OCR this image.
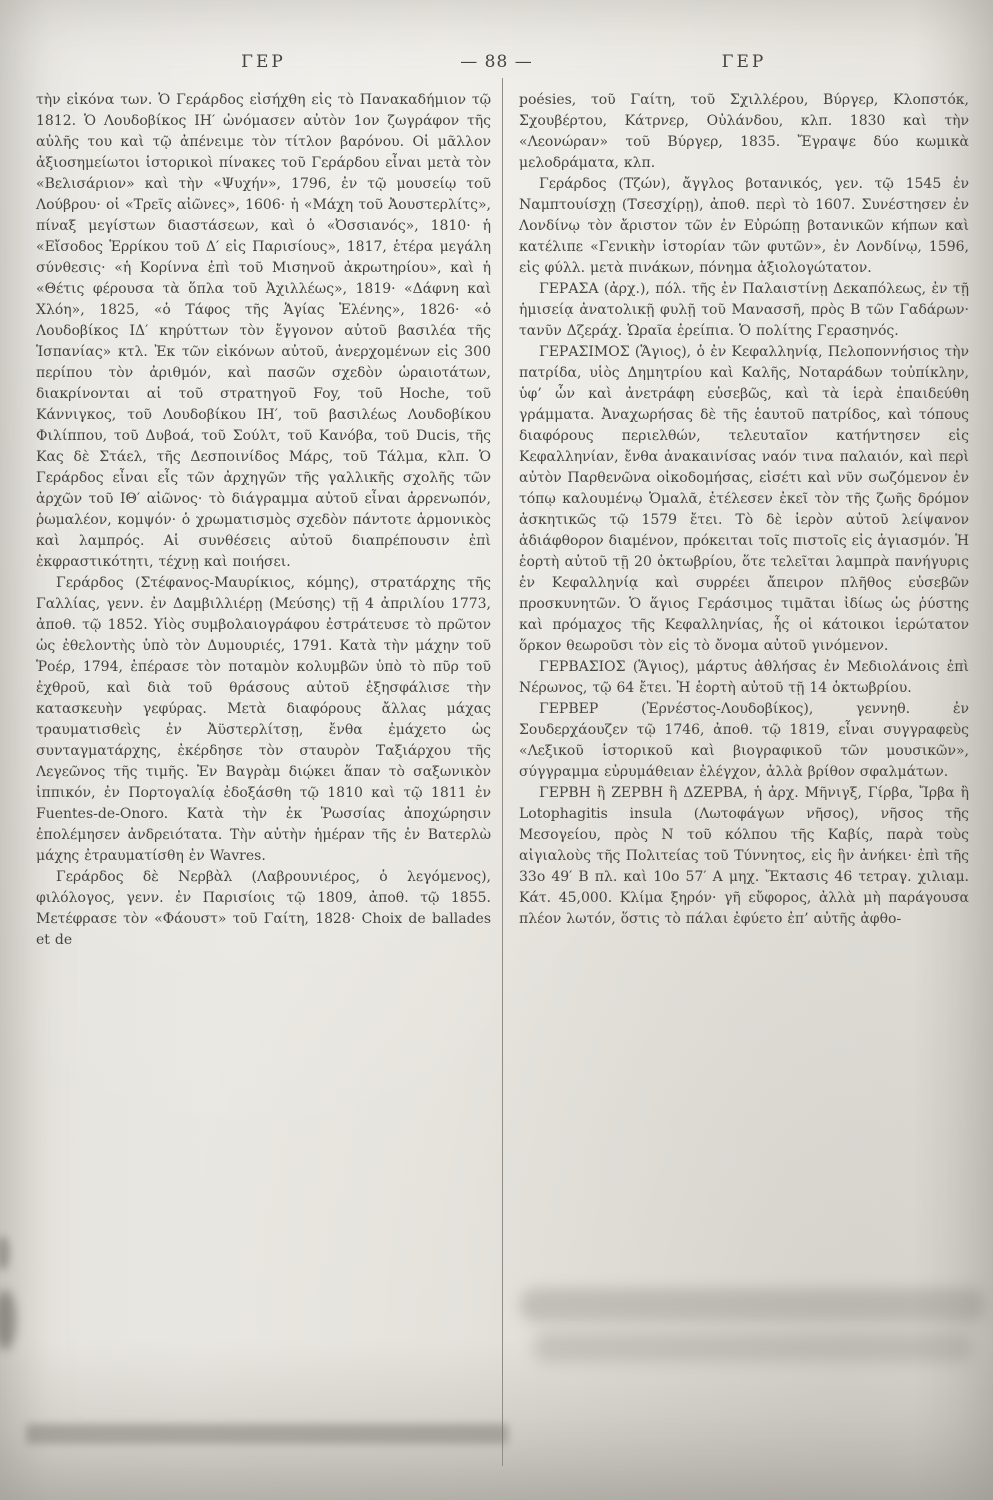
ΓΕΡ	— 88 —	ΓΕΡ

τὴν εἰκόνα των. Ὁ Γεράρδος εἰσήχθη εἰς τὸ Πανακαδήμιον τῷ 1812. Ὁ Λουδοβίκος ΙΗ′ ὠνόμασεν αὐτὸν 1ον ζωγράφον τῆς αὐλῆς του καὶ τῷ ἀπένειμε τὸν τίτλον βαρόνου. Οἱ μᾶλλον ἀξιοσημείωτοι ἱστορικοὶ πίνακες τοῦ Γεράρδου εἶναι μετὰ τὸν «Βελισάριον» καὶ τὴν «Ψυχήν», 1796, ἐν τῷ μουσείῳ τοῦ Λούβρου· οἱ «Τρεῖς αἰῶνες», 1606· ἡ «Μάχη τοῦ Ἀουστερλίτς», πίναξ μεγίστων διαστάσεων, καὶ ὁ «Ὀσσιανός», 1810· ἡ «Εἴσοδος Ἑρρίκου τοῦ Δ′ εἰς Παρισίους», 1817, ἑτέρα μεγάλη σύνθεσις· «ἡ Κορίννα ἐπὶ τοῦ Μισηνοῦ ἀκρωτηρίου», καὶ ἡ «Θέτις φέρουσα τὰ ὅπλα τοῦ Ἀχιλλέως», 1819· «Δάφνη καὶ Χλόη», 1825, «ὁ Τάφος τῆς Ἁγίας Ἑλένης», 1826· «ὁ Λουδοβίκος ΙΔ′ κηρύττων τὸν ἔγγονον αὐτοῦ βασιλέα τῆς Ἱσπανίας» κτλ. Ἐκ τῶν εἰκόνων αὐτοῦ, ἀνερχομένων εἰς 300 περίπου τὸν ἀριθμόν, καὶ πασῶν σχεδὸν ὡραιοτάτων, διακρίνονται αἱ τοῦ στρατηγοῦ Foy, τοῦ Hoche, τοῦ Κάννιγκος, τοῦ Λουδοβίκου ΙΗ′, τοῦ βασιλέως Λουδοβίκου Φιλίππου, τοῦ Δυβοά, τοῦ Σούλτ, τοῦ Κανόβα, τοῦ Ducis, τῆς Κας δὲ Στάελ, τῆς Δεσποινίδος Μάρς, τοῦ Τάλμα, κλπ. Ὁ Γεράρδος εἶναι εἷς τῶν ἀρχηγῶν τῆς γαλλικῆς σχολῆς τῶν ἀρχῶν τοῦ ΙΘ′ αἰῶνος· τὸ διάγραμμα αὐτοῦ εἶναι ἀρρενωπόν, ῥωμαλέον, κομψόν· ὁ χρωματισμὸς σχεδὸν πάντοτε ἁρμονικὸς καὶ λαμπρός. Αἱ συνθέσεις αὐτοῦ διαπρέπουσιν ἐπὶ ἐκφραστικότητι, τέχνῃ καὶ ποιήσει.

Γεράρδος (Στέφανος-Μαυρίκιος, κόμης), στρατάρχης τῆς Γαλλίας, γενν. ἐν Δαμβιλλιέρῃ (Μεύσης) τῇ 4 ἀπριλίου 1773, ἀποθ. τῷ 1852. Υἱὸς συμβολαιογράφου ἐστράτευσε τὸ πρῶτον ὡς ἐθελοντὴς ὑπὸ τὸν Δυμουριές, 1791. Κατὰ τὴν μάχην τοῦ Ῥοέρ, 1794, ἐπέρασε τὸν ποταμὸν κολυμβῶν ὑπὸ τὸ πῦρ τοῦ ἐχθροῦ, καὶ διὰ τοῦ θράσους αὐτοῦ ἐξησφάλισε τὴν κατασκευὴν γεφύρας. Μετὰ διαφόρους ἄλλας μάχας τραυματισθεὶς ἐν Ἀϋστερλίτσῃ, ἔνθα ἐμάχετο ὡς συνταγματάρχης, ἐκέρδησε τὸν σταυρὸν Ταξιάρχου τῆς Λεγεῶνος τῆς τιμῆς. Ἐν Βαγρὰμ διῴκει ἅπαν τὸ σαξωνικὸν ἱππικόν, ἐν Πορτογαλίᾳ ἐδοξάσθη τῷ 1810 καὶ τῷ 1811 ἐν Fuentes-de-Onoro. Κατὰ τὴν ἐκ Ῥωσσίας ἀποχώρησιν ἐπολέμησεν ἀνδρειότατα. Τὴν αὐτὴν ἡμέραν τῆς ἐν Βατερλὼ μάχης ἐτραυματίσθη ἐν Wavres.

Γεράρδος δὲ Νερβὰλ (Λαβρουνιέρος, ὁ λεγόμενος), φιλόλογος, γενν. ἐν Παρισίοις τῷ 1809, ἀποθ. τῷ 1855. Μετέφρασε τὸν «Φάουστ» τοῦ Γαίτη, 1828· Choix de ballades et de

poésies, τοῦ Γαίτη, τοῦ Σχιλλέρου, Βύργερ, Κλοπστόκ, Σχουβέρτου, Κάτρνερ, Οὐλάνδου, κλπ. 1830 καὶ τὴν «Λεονώραν» τοῦ Βύργερ, 1835. Ἔγραψε δύο κωμικὰ μελοδράματα, κλπ.

Γεράρδος (Τζών), ἄγγλος βοτανικός, γεν. τῷ 1545 ἐν Ναμπτουίσχῃ (Τσεσχίρῃ), ἀποθ. περὶ τὸ 1607. Συνέστησεν ἐν Λονδίνῳ τὸν ἄριστον τῶν ἐν Εὐρώπῃ βοτανικῶν κήπων καὶ κατέλιπε «Γενικὴν ἱστορίαν τῶν φυτῶν», ἐν Λονδίνῳ, 1596, εἰς φύλλ. μετὰ πινάκων, πόνημα ἀξιολογώτατον.

ΓΕΡΑΣΑ (ἀρχ.), πόλ. τῆς ἐν Παλαιστίνῃ Δεκαπόλεως, ἐν τῇ ἡμισείᾳ ἀνατολικῇ φυλῇ τοῦ Μανασσῆ, πρὸς Β τῶν Γαδάρων· τανῦν Δζεράχ. Ὡραῖα ἐρείπια. Ὁ πολίτης Γερασηνός.

ΓΕΡΑΣΙΜΟΣ (Ἅγιος), ὁ ἐν Κεφαλληνίᾳ, Πελοποννήσιος τὴν πατρίδα, υἱὸς Δημητρίου καὶ Καλῆς, Νοταράδων τοὐπίκλην, ὑφ’ ὧν καὶ ἀνετράφη εὐσεβῶς, καὶ τὰ ἱερὰ ἐπαιδεύθη γράμματα. Ἀναχωρήσας δὲ τῆς ἑαυτοῦ πατρίδος, καὶ τόπους διαφόρους περιελθών, τελευταῖον κατήντησεν εἰς Κεφαλληνίαν, ἔνθα ἀνακαινίσας ναόν τινα παλαιόν, καὶ περὶ αὐτὸν Παρθενῶνα οἰκοδομήσας, εἰσέτι καὶ νῦν σωζόμενον ἐν τόπῳ καλουμένῳ Ὁμαλᾶ, ἐτέλεσεν ἐκεῖ τὸν τῆς ζωῆς δρόμον ἀσκητικῶς τῷ 1579 ἔτει. Τὸ δὲ ἱερὸν αὐτοῦ λείψανον ἀδιάφθορον διαμένον, πρόκειται τοῖς πιστοῖς εἰς ἁγιασμόν. Ἡ ἑορτὴ αὐτοῦ τῇ 20 ὀκτωβρίου, ὅτε τελεῖται λαμπρὰ πανήγυρις ἐν Κεφαλληνίᾳ καὶ συρρέει ἄπειρον πλῆθος εὐσεβῶν προσκυνητῶν. Ὁ ἅγιος Γεράσιμος τιμᾶται ἰδίως ὡς ῥύστης καὶ πρόμαχος τῆς Κεφαλληνίας, ἧς οἱ κάτοικοι ἱερώτατον ὅρκον θεωροῦσι τὸν εἰς τὸ ὄνομα αὐτοῦ γινόμενον.

ΓΕΡΒΑΣΙΟΣ (Ἅγιος), μάρτυς ἀθλήσας ἐν Μεδιολάνοις ἐπὶ Νέρωνος, τῷ 64 ἔτει. Ἡ ἑορτὴ αὐτοῦ τῇ 14 ὀκτωβρίου.

ΓΕΡΒΕΡ (Ἐρνέστος-Λουδοβίκος), γεννηθ. ἐν Σουδερχάουζεν τῷ 1746, ἀποθ. τῷ 1819, εἶναι συγγραφεὺς «Λεξικοῦ ἱστορικοῦ καὶ βιογραφικοῦ τῶν μουσικῶν», σύγγραμμα εὐρυμάθειαν ἐλέγχον, ἀλλὰ βρίθον σφαλμάτων.

ΓΕΡΒΗ ἢ ΖΕΡΒΗ ἢ ΔΖΕΡΒΑ, ἡ ἀρχ. Μῆνιγξ, Γίρβα, Ἴρβα ἢ Lotophagitis insula (Λωτοφάγων νῆσος), νῆσος τῆς Μεσογείου, πρὸς Ν τοῦ κόλπου τῆς Καβίς, παρὰ τοὺς αἰγιαλοὺς τῆς Πολιτείας τοῦ Τύννητος, εἰς ἣν ἀνήκει· ἐπὶ τῆς 33ο 49′ Β πλ. καὶ 10ο 57′ Α μηχ. Ἔκτασις 46 τετραγ. χιλιαμ. Κάτ. 45,000. Κλίμα ξηρόν· γῆ εὔφορος, ἀλλὰ μὴ παράγουσα πλέον λωτόν, ὅστις τὸ πάλαι ἐφύετο ἐπ’ αὐτῆς ἀφθο-
